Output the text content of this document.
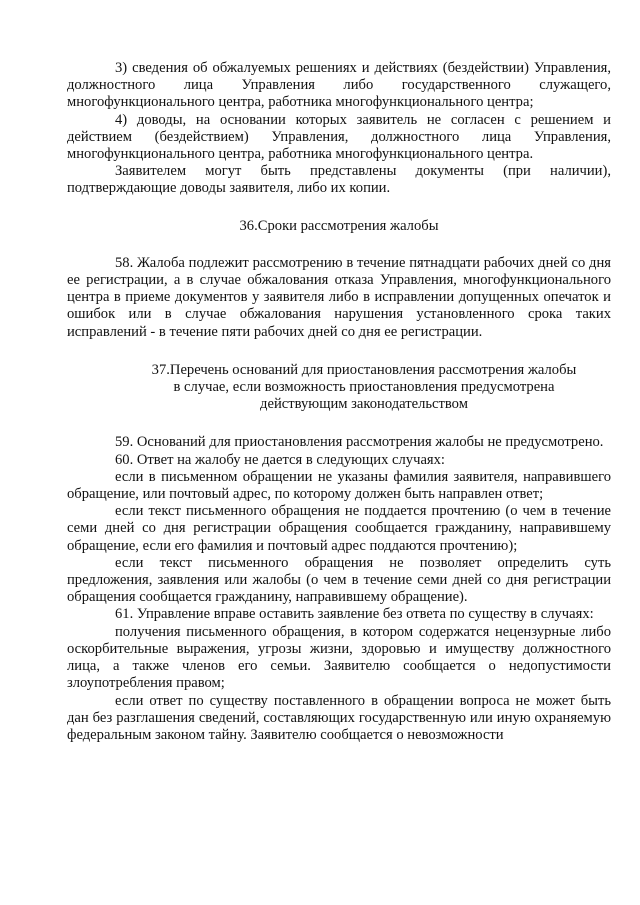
3) сведения об обжалуемых решениях и действиях (бездействии) Управления, должностного лица Управления либо государственного служащего, многофункционального центра, работника многофункционального центра;

4) доводы, на основании которых заявитель не согласен с решением и действием (бездействием) Управления, должностного лица Управления, многофункционального центра, работника многофункционального центра.

Заявителем могут быть представлены документы (при наличии), подтверждающие доводы заявителя, либо их копии.

36.Сроки рассмотрения жалобы

58. Жалоба подлежит рассмотрению в течение пятнадцати рабочих дней со дня ее регистрации, а в случае обжалования отказа Управления, многофункционального центра в приеме документов у заявителя либо в исправлении допущенных опечаток и ошибок или в случае обжалования нарушения установленного срока таких исправлений - в течение пяти рабочих дней со дня ее регистрации.

37.Перечень оснований для приостановления рассмотрения жалобы в случае, если возможность приостановления предусмотрена действующим законодательством

59. Оснований для приостановления рассмотрения жалобы не предусмотрено.

60. Ответ на жалобу не дается в следующих случаях:

если в письменном обращении не указаны фамилия заявителя, направившего обращение, или почтовый адрес, по которому должен быть направлен ответ;

если текст письменного обращения не поддается прочтению (о чем в течение семи дней со дня регистрации обращения сообщается гражданину, направившему обращение, если его фамилия и почтовый адрес поддаются прочтению);

если текст письменного обращения не позволяет определить суть предложения, заявления или жалобы (о чем в течение семи дней со дня регистрации обращения сообщается гражданину, направившему обращение).

61. Управление вправе оставить заявление без ответа по существу в случаях:

получения письменного обращения, в котором содержатся нецензурные либо оскорбительные выражения, угрозы жизни, здоровью и имуществу должностного лица, а также членов его семьи. Заявителю сообщается о недопустимости злоупотребления правом;

если ответ по существу поставленного в обращении вопроса не может быть дан без разглашения сведений, составляющих государственную или иную охраняемую федеральным законом тайну. Заявителю сообщается о невозможности
